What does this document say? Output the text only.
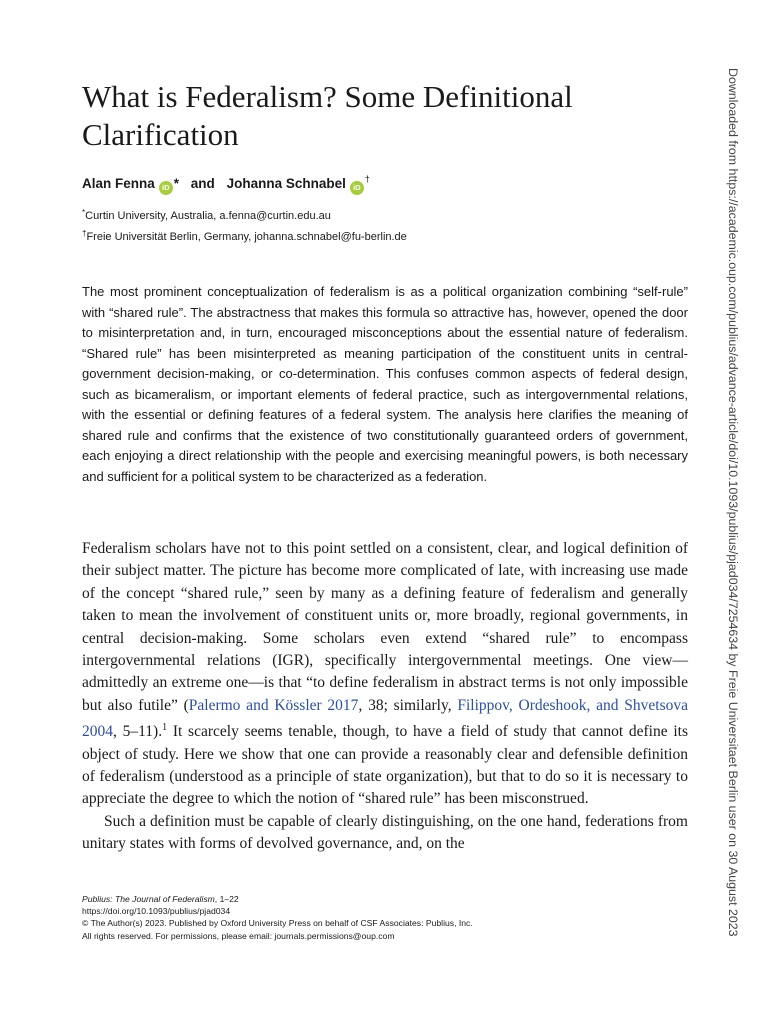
What is Federalism? Some Definitional Clarification
Alan Fenna iD * and Johanna Schnabel iD†
*Curtin University, Australia, a.fenna@curtin.edu.au
†Freie Universität Berlin, Germany, johanna.schnabel@fu-berlin.de

The most prominent conceptualization of federalism is as a political organization combining “self-rule” with “shared rule”. The abstractness that makes this formula so attractive has, however, opened the door to misinterpretation and, in turn, encouraged misconceptions about the essential nature of federalism. “Shared rule” has been misinterpreted as meaning participation of the constituent units in central-government decision-making, or co-determination. This confuses common aspects of federal design, such as bicameralism, or important elements of federal practice, such as intergovernmental relations, with the essential or defining features of a federal system. The analysis here clarifies the meaning of shared rule and confirms that the existence of two constitutionally guaranteed orders of government, each enjoying a direct relationship with the people and exercising meaningful powers, is both necessary and sufficient for a political system to be characterized as a federation.

Federalism scholars have not to this point settled on a consistent, clear, and logical definition of their subject matter. The picture has become more complicated of late, with increasing use made of the concept “shared rule,” seen by many as a defining feature of federalism and generally taken to mean the involvement of constituent units or, more broadly, regional governments, in central decision-making. Some scholars even extend “shared rule” to encompass intergovernmental relations (IGR), specifically intergovernmental meetings. One view—admittedly an extreme one—is that “to define federalism in abstract terms is not only impossible but also futile” (Palermo and Kössler 2017, 38; similarly, Filippov, Ordeshook, and Shvetsova 2004, 5–11).$^1$ It scarcely seems tenable, though, to have a field of study that cannot define its object of study. Here we show that one can provide a reasonably clear and defensible definition of federalism (understood as a principle of state organization), but that to do so it is necessary to appreciate the degree to which the notion of “shared rule” has been misconstrued.

Such a definition must be capable of clearly distinguishing, on the one hand, federations from unitary states with forms of devolved governance, and, on the

Publius: The Journal of Federalism, 1–22
https://doi.org/10.1093/publius/pjad034
© The Author(s) 2023. Published by Oxford University Press on behalf of CSF Associates: Publius, Inc.
All rights reserved. For permissions, please email: journals.permissions@oup.com	Downloaded from https://academic.oup.com/publius/advance-article/doi/10.1093/publius/pjad034/7254634 by Freie Universitaet Berlin user on 30 August 2023
